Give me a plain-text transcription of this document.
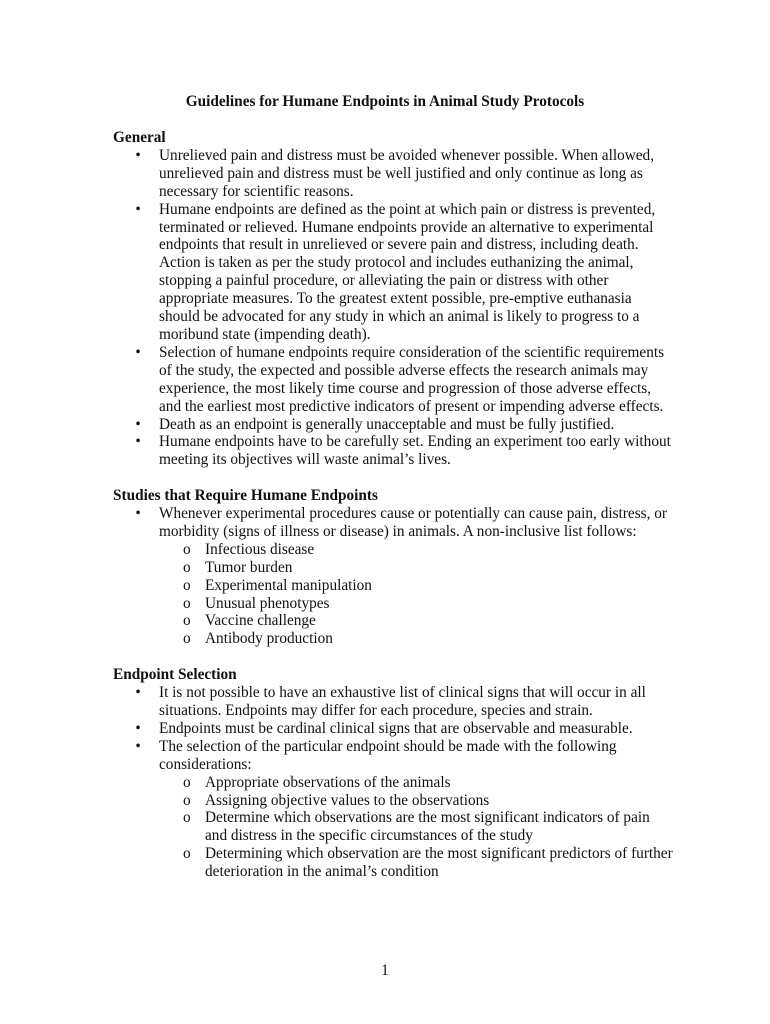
Guidelines for Humane Endpoints in Animal Study Protocols
General
• Unrelieved pain and distress must be avoided whenever possible. When allowed, unrelieved pain and distress must be well justified and only continue as long as necessary for scientific reasons.
• Humane endpoints are defined as the point at which pain or distress is prevented, terminated or relieved. Humane endpoints provide an alternative to experimental endpoints that result in unrelieved or severe pain and distress, including death. Action is taken as per the study protocol and includes euthanizing the animal, stopping a painful procedure, or alleviating the pain or distress with other appropriate measures. To the greatest extent possible, pre-emptive euthanasia should be advocated for any study in which an animal is likely to progress to a moribund state (impending death).
• Selection of humane endpoints require consideration of the scientific requirements of the study, the expected and possible adverse effects the research animals may experience, the most likely time course and progression of those adverse effects, and the earliest most predictive indicators of present or impending adverse effects.
• Death as an endpoint is generally unacceptable and must be fully justified.
• Humane endpoints have to be carefully set. Ending an experiment too early without meeting its objectives will waste animal’s lives.
Studies that Require Humane Endpoints
• Whenever experimental procedures cause or potentially can cause pain, distress, or morbidity (signs of illness or disease) in animals. A non-inclusive list follows:
o Infectious disease
o Tumor burden
o Experimental manipulation
o Unusual phenotypes
o Vaccine challenge
o Antibody production
Endpoint Selection
• It is not possible to have an exhaustive list of clinical signs that will occur in all situations. Endpoints may differ for each procedure, species and strain.
• Endpoints must be cardinal clinical signs that are observable and measurable.
• The selection of the particular endpoint should be made with the following considerations:
o Appropriate observations of the animals
o Assigning objective values to the observations
o Determine which observations are the most significant indicators of pain and distress in the specific circumstances of the study
o Determining which observation are the most significant predictors of further deterioration in the animal’s condition
1
